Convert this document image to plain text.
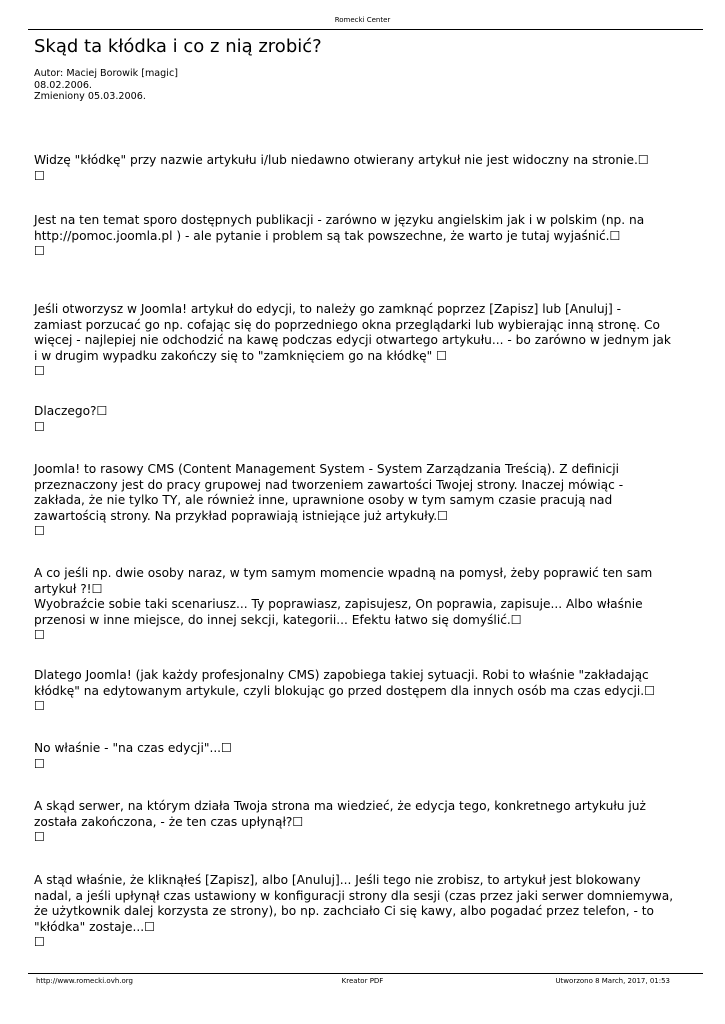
Romecki Center
Skąd ta kłódka i co z nią zrobić?
Autor: Maciej Borowik [magic]
08.02.2006.
Zmieniony 05.03.2006.

Widzę "kłódkę" przy nazwie artykułu i/lub niedawno otwierany artykuł nie jest widoczny na stronie.☐
☐

Jest na ten temat sporo dostępnych publikacji - zarówno w języku angielskim jak i w polskim (np. na
http://pomoc.joomla.pl ) - ale pytanie i problem są tak powszechne, że warto je tutaj wyjaśnić.☐
☐

Jeśli otworzysz w Joomla! artykuł do edycji, to należy go zamknąć poprzez [Zapisz] lub [Anuluj] -
zamiast porzucać go np. cofając się do poprzedniego okna przeglądarki lub wybierając inną stronę. Co
więcej - najlepiej nie odchodzić na kawę podczas edycji otwartego artykułu... - bo zarówno w jednym jak
i w drugim wypadku zakończy się to "zamknięciem go na kłódkę" ☐
☐

Dlaczego?☐
☐

Joomla! to rasowy CMS (Content Management System - System Zarządzania Treścią). Z definicji
przeznaczony jest do pracy grupowej nad tworzeniem zawartości Twojej strony. Inaczej mówiąc -
zakłada, że nie tylko TY, ale również inne, uprawnione osoby w tym samym czasie pracują nad
zawartością strony. Na przykład poprawiają istniejące już artykuły.☐
☐

A co jeśli np. dwie osoby naraz, w tym samym momencie wpadną na pomysł, żeby poprawić ten sam
artykuł ?!☐
Wyobraźcie sobie taki scenariusz... Ty poprawiasz, zapisujesz, On poprawia, zapisuje... Albo właśnie
przenosi w inne miejsce, do innej sekcji, kategorii... Efektu łatwo się domyślić.☐
☐

Dlatego Joomla! (jak każdy profesjonalny CMS) zapobiega takiej sytuacji. Robi to właśnie "zakładając
kłódkę" na edytowanym artykule, czyli blokując go przed dostępem dla innych osób ma czas edycji.☐
☐

No właśnie - "na czas edycji"...☐
☐

A skąd serwer, na którym działa Twoja strona ma wiedzieć, że edycja tego, konkretnego artykułu już
została zakończona, - że ten czas upłynął?☐
☐

A stąd właśnie, że kliknąłeś [Zapisz], albo [Anuluj]... Jeśli tego nie zrobisz, to artykuł jest blokowany
nadal, a jeśli upłynął czas ustawiony w konfiguracji strony dla sesji (czas przez jaki serwer domniemywa,
że użytkownik dalej korzysta ze strony), bo np. zachciało Ci się kawy, albo pogadać przez telefon, - to
"kłódka" zostaje...☐
☐

http://www.romecki.ovh.org	Kreator PDF	Utworzono 8 March, 2017, 01:53
